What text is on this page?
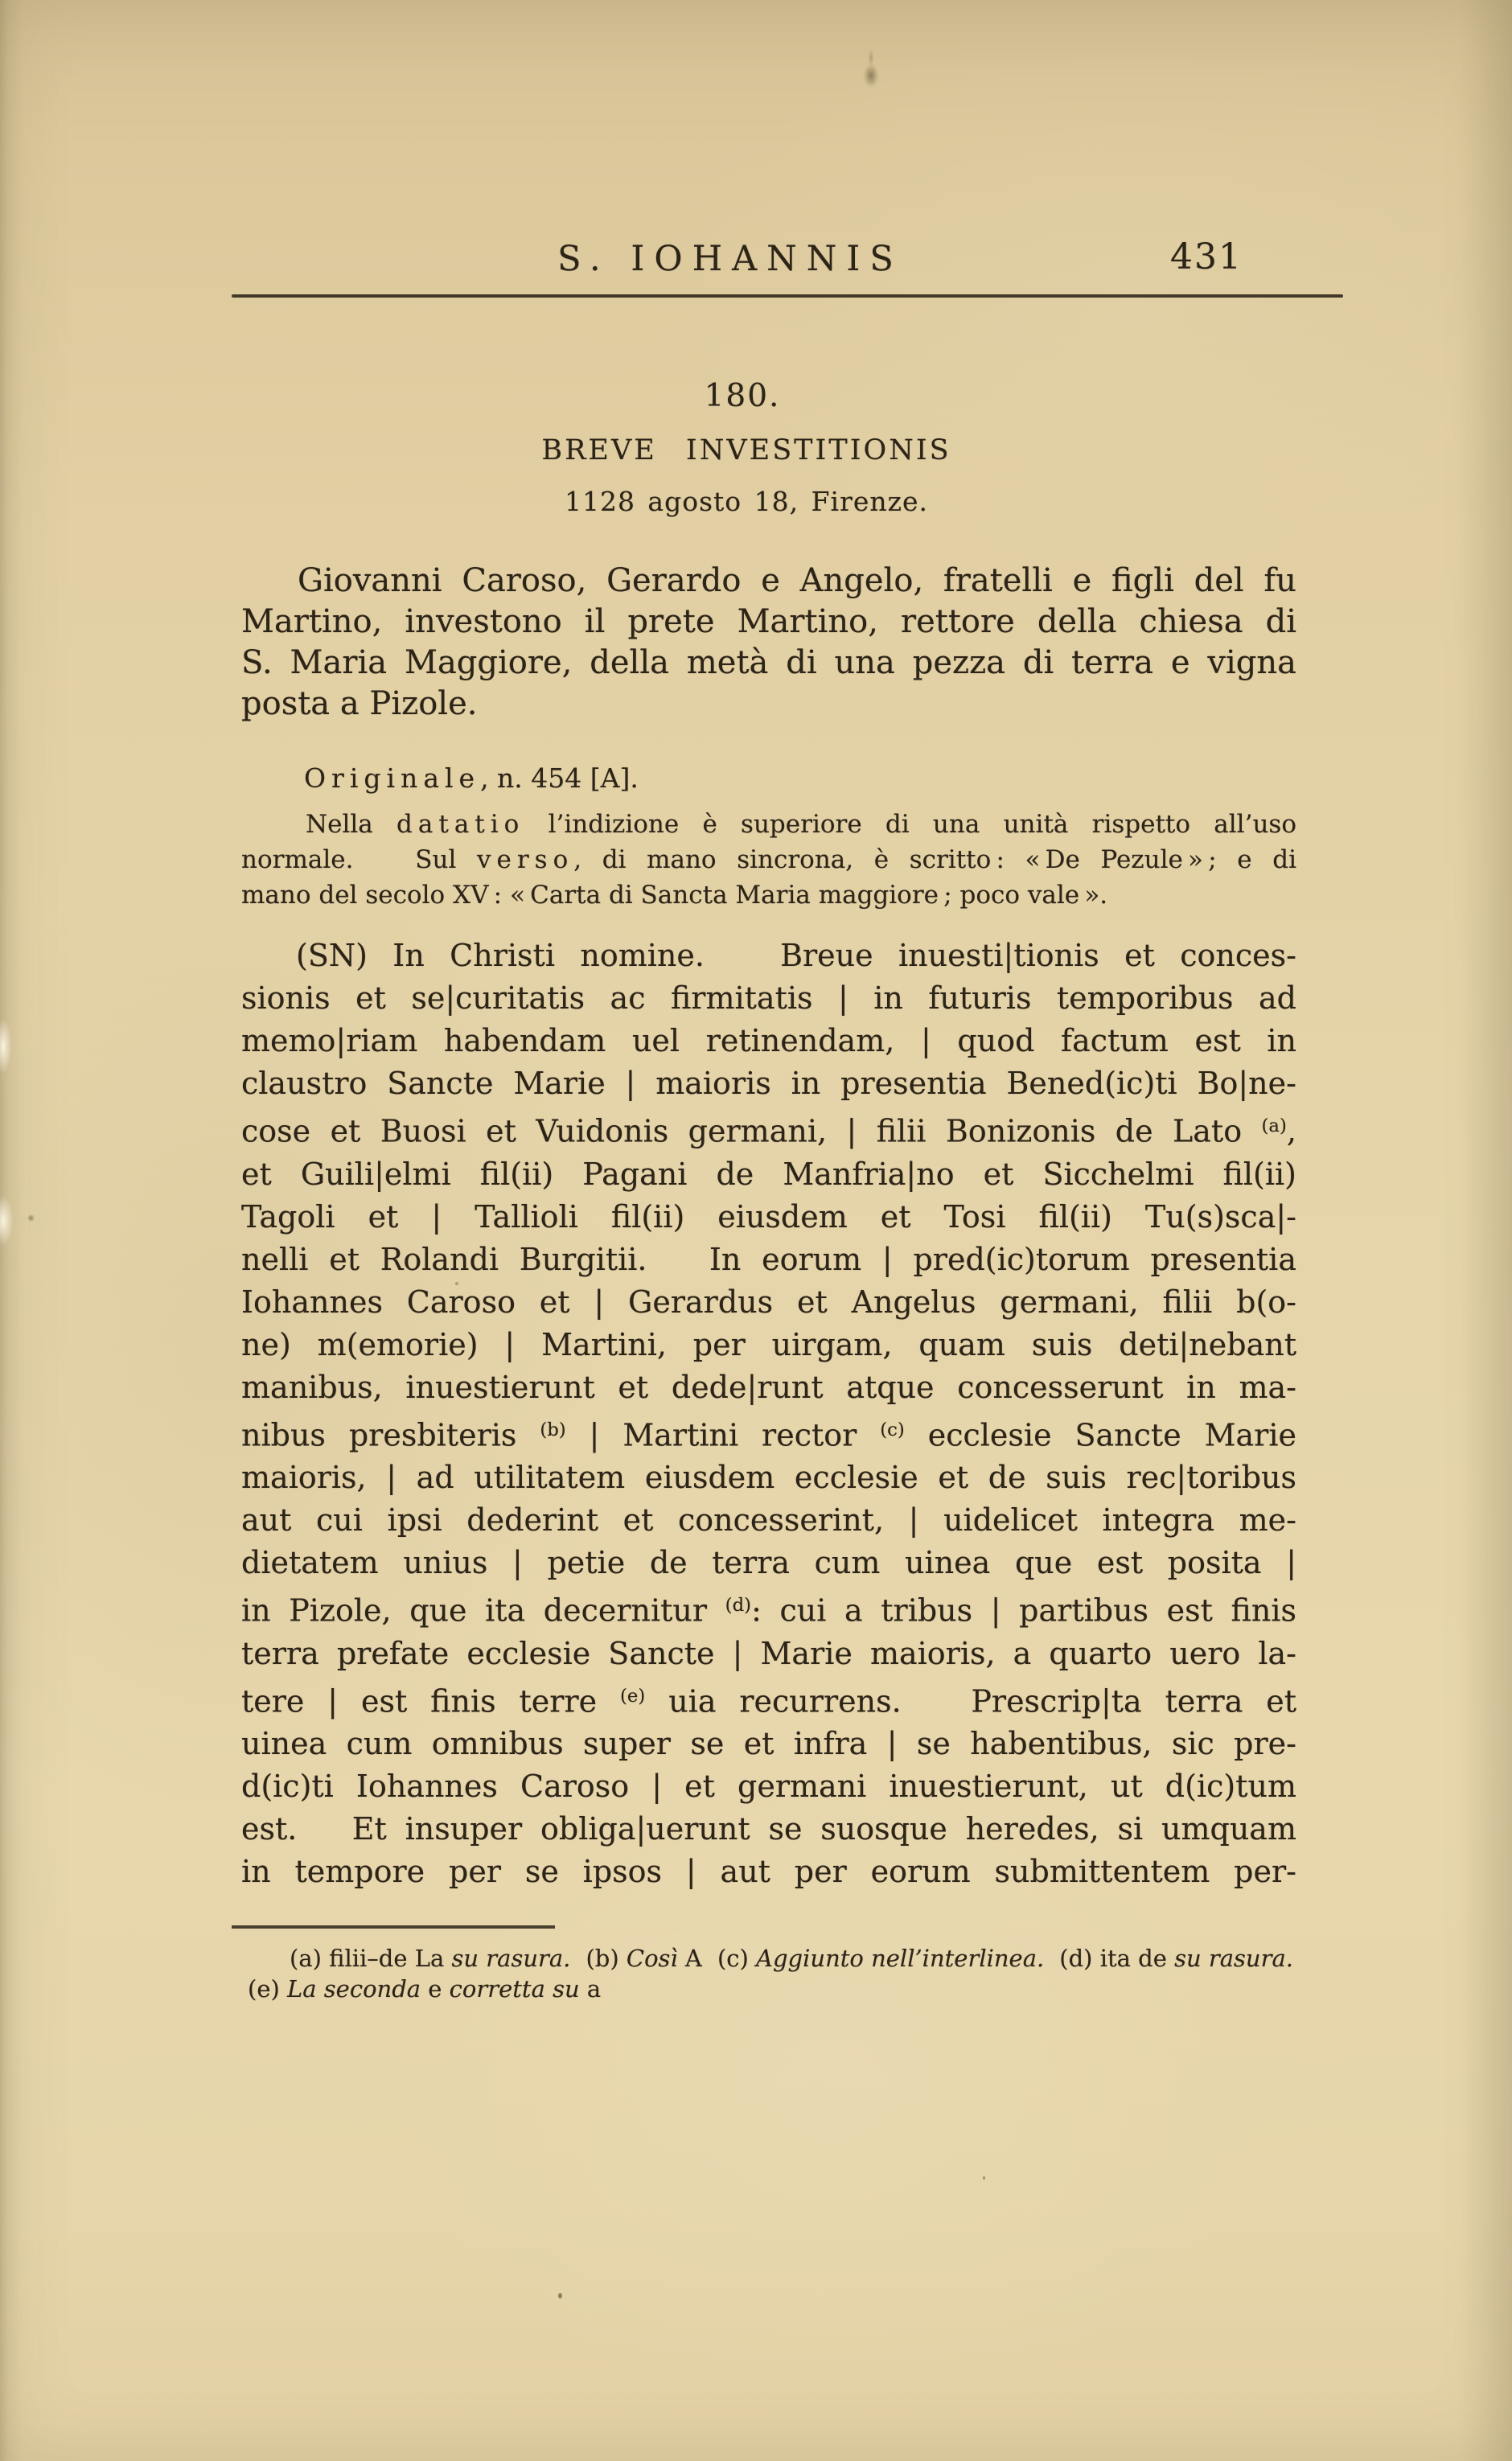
S. IOHANNIS	431
180.
BREVE INVESTITIONIS
1128 agosto 18, Firenze.
Giovanni Caroso, Gerardo e Angelo, fratelli e figli del fu
Martino, investono il prete Martino, rettore della chiesa di
S. Maria Maggiore, della metà di una pezza di terra e vigna
posta a Pizole.
Originale, n. 454 [A].
Nella datatio l’indizione è superiore di una unità rispetto all’uso
normale.   Sul verso, di mano sincrona, è scritto : « De Pezule » ; e di
mano del secolo XV : « Carta di Sancta Maria maggiore ; poco vale ».
(SN) In Christi nomine.   Breue inuesti|tionis et conces-
sionis et se|curitatis ac firmitatis | in futuris temporibus ad
memo|riam habendam uel retinendam, | quod factum est in
claustro Sancte Marie | maioris in presentia Bened(ic)ti Bo|ne-
cose et Buosi et Vuidonis germani, | filii Bonizonis de Lato $^{(a)}$,
et Guili|elmi fil(ii) Pagani de Manfria|no et Sicchelmi fil(ii)
Tagoli et | Tallioli fil(ii) eiusdem et Tosi fil(ii) Tu(s)sca|-
nelli et Rolandi Burgitii.   In eorum | pred(ic)torum presentia
Iohannes Caroso et | Gerardus et Angelus germani, filii b(o-
ne) m(emorie) | Martini, per uirgam, quam suis deti|nebant
manibus, inuestierunt et dede|runt atque concesserunt in ma-
nibus presbiteris $^{(b)}$ | Martini rector $^{(c)}$ ecclesie Sancte Marie
maioris, | ad utilitatem eiusdem ecclesie et de suis rec|toribus
aut cui ipsi dederint et concesserint, | uidelicet integra me-
dietatem unius | petie de terra cum uinea que est posita |
in Pizole, que ita decernitur $^{(d)}$: cui a tribus | partibus est finis
terra prefate ecclesie Sancte | Marie maioris, a quarto uero la-
tere | est finis terre $^{(e)}$ uia recurrens.   Prescrip|ta terra et
uinea cum omnibus super se et infra | se habentibus, sic pre-
d(ic)ti Iohannes Caroso | et germani inuestierunt, ut d(ic)tum
est.   Et insuper obliga|uerunt se suosque heredes, si umquam
in tempore per se ipsos | aut per eorum submittentem per-
(a) filii–de La su rasura. (b) Così A (c) Aggiunto nell’interlinea. (d) ita de su rasura.
(e) La seconda e corretta su a
